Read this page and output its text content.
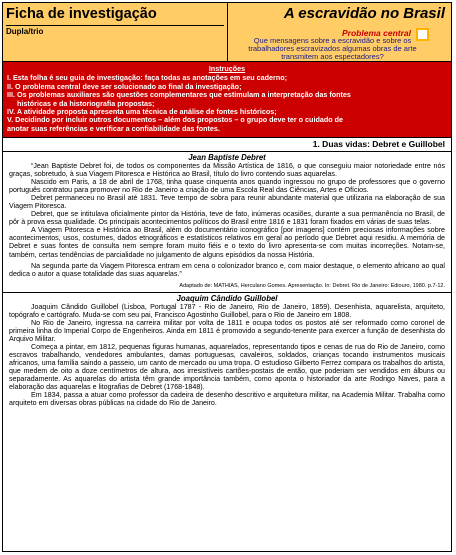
Ficha de investigação
Dupla/trio
A escravidão no Brasil
Problema central
Que mensagens sobre a escravidão e sobre os trabalhadores escravizados algumas obras de arte transmitem aos espectadores?
Instruções
I. Esta folha é seu guia de investigação: faça todas as anotações em seu caderno;
II. O problema central deve ser solucionado ao final da investigação;
III. Os problemas auxiliares são questões complementares que estimulam a interpretação das fontes
históricas e da historiografia propostas;
IV. A atividade proposta apresenta uma técnica de análise de fontes históricos;
V. Decidindo por incluir outros documentos – além dos propostos – o grupo deve ter o cuidado de
anotar suas referências e verificar a confiabilidade das fontes.
1. Duas vidas: Debret e Guillobel
Jean Baptiste Debret

“Jean Baptiste Debret foi, de todos os componentes da Missão Artística de 1816, o que conseguiu maior notoriedade entre nós graças, sobretudo, à sua Viagem Pitoresca e Histórica ao Brasil, título do livro contendo suas aquarelas.

Nascido em Paris, a 18 de abril de 1768, tinha quase cinquenta anos quando ingressou no grupo de professores que o governo português contratou para promover no Rio de Janeiro a criação de uma Escola Real das Ciências, Artes e Ofícios.

Debret permaneceu no Brasil até 1831. Teve tempo de sobra para reunir abundante material que utilizaria na elaboração de sua Viagem Pitoresca.

Debret, que se intitulava oficialmente pintor da História, teve de fato, inúmeras ocasiões, durante a sua permanência no Brasil, de pôr à prova essa qualidade. Os principais acontecimentos políticos do Brasil entre 1816 e 1831 foram fixados em várias de suas telas.

A Viagem Pitoresca e Histórica ao Brasil, além do documentário iconográfico [por imagens] contém preciosas informações sobre acontecimentos, usos, costumes, dados etnográficos e estatísticos relativos em geral ao período que Debret aqui residiu. A memória de Debret e suas fontes de consulta nem sempre foram muito fiéis e o texto do livro apresenta-se com muitas incorreções. Notam-se, também, certas tendências de parcialidade no julgamento de alguns episódios da nossa História.

Na segunda parte da Viagem Pitoresca entram em cena o colonizador branco e, com maior destaque, o elemento africano ao qual dedica o autor a quase totalidade das suas aquarelas.”

Adaptado de: MATHIAS, Herculano Gomes. Apresentação. In: Debret. Rio de Janeiro: Ediouro, 1980. p.7-12.
Joaquim Cândido Guillobel

Joaquim Cândido Guillobel (Lisboa, Portugal 1787 - Rio de Janeiro, Rio de Janeiro, 1859). Desenhista, aquarelista, arquiteto, topógrafo e cartógrafo. Muda-se com seu pai, Francisco Agostinho Guillobel, para o Rio de Janeiro em 1808.

No Rio de Janeiro, ingressa na carreira militar por volta de 1811 e ocupa todos os postos até ser reformado como coronel de primeira linha do Imperial Corpo de Engenheiros. Ainda em 1811 é promovido a segundo-tenente para exercer a função de desenhista do Arquivo Militar.

Começa a pintar, em 1812, pequenas figuras humanas, aquarelados, representando tipos e cenas de rua do Rio de Janeiro, como escravos trabalhando, vendedores ambulantes, damas portuguesas, cavaleiros, soldados, crianças tocando instrumentos musicais africanos, uma família saindo a passeio, um canto de mercado ou uma tropa. O estudioso Gilberto Ferrez compara os trabalhos do artista, que medem de oito a doze centímetros de altura, aos irresistíveis cartões-postais de então, que poderiam ser vendidos em álbuns ou separadamente. As aquarelas do artista têm grande importância também, como aponta o historiador da arte Rodrigo Naves, para a elaboração das aquarelas e litografias de Debret (1768-1848).

Em 1834, passa a atuar como professor da cadeira de desenho descritivo e arquitetura militar, na Academia Militar. Trabalha como arquiteto em diversas obras públicas na cidade do Rio de Janeiro.
